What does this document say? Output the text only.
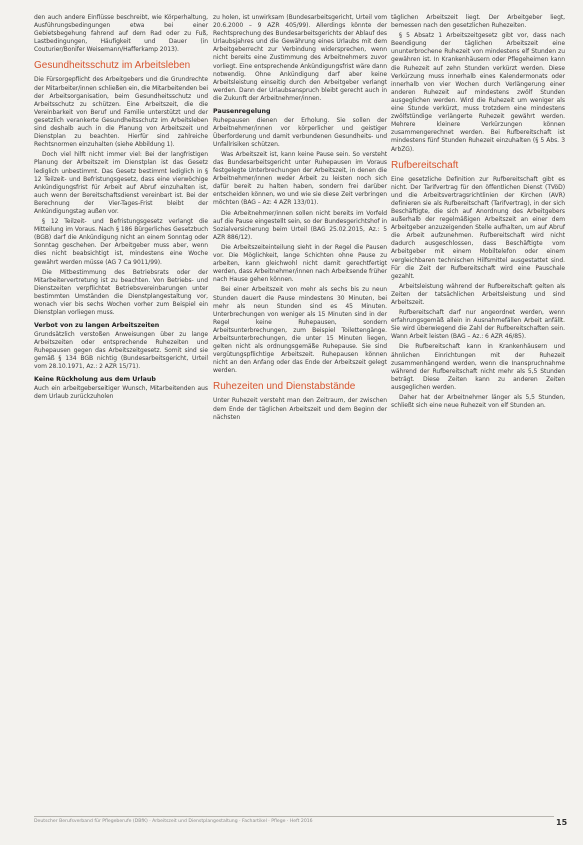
den auch andere Einflüsse beschreibt, wie Körperhaltung, Ausführungsbedingungen etwa bei einer Gebietsbegehung fahrend auf dem Rad oder zu Fuß, Lastbedingungen, Häufigkeit und Dauer (in Couturier/Bonifer Weisemann/Hafferkamp 2013).

Gesundheitsschutz im Arbeitsleben

Die Fürsorgepflicht des Arbeitgebers und die Grundrechte der Mitarbeiter/innen schließen ein, die Mitarbeitenden bei der Arbeitsorganisation, beim Gesundheitsschutz und Arbeitsschutz zu schützen. Eine Arbeitszeit, die die Vereinbarkeit von Beruf und Familie unterstützt und der gesetzlich verankerte Gesundheitsschutz im Arbeitsleben sind deshalb auch in die Planung von Arbeitszeit und Dienstplan zu beachten. Hierfür sind zahlreiche Rechtsnormen einzuhalten (siehe Abbildung 1).

Doch viel hilft nicht immer viel: Bei der langfristigen Planung der Arbeitszeit im Dienstplan ist das Gesetz lediglich unbestimmt. Das Gesetz bestimmt lediglich in § 12 Teilzeit- und Befristungsgesetz, dass eine vierwöchige Ankündigungsfrist für Arbeit auf Abruf einzuhalten ist, auch wenn der Bereitschaftsdienst vereinbart ist. Bei der Berechnung der Vier-Tages-Frist bleibt der Ankündigungstag außen vor.

§ 12 Teilzeit- und Befristungsgesetz verlangt die Mitteilung im Voraus. Nach § 186 Bürgerliches Gesetzbuch (BGB) darf die Ankündigung nicht an einem Sonntag oder Sonntag geschehen. Der Arbeitgeber muss aber, wenn dies nicht beabsichtigt ist, mindestens eine Woche gewährt werden müsse (AG 7 Ca 9011/99).

Die Mitbestimmung des Betriebsrats oder der Mitarbeitervertretung ist zu beachten. Von Betriebs- und Dienstzeiten verpflichtet Betriebsvereinbarungen unter bestimmten Umständen die Dienstplangestaltung vor, wonach vier bis sechs Wochen vorher zum Beispiel ein Dienstplan vorliegen muss.

Verbot von zu langen Arbeitszeiten

Grundsätzlich verstoßen Anweisungen über zu lange Arbeitszeiten oder entsprechende Ruhezeiten und Ruhepausen gegen das Arbeitszeitgesetz. Somit sind sie gemäß § 134 BGB nichtig (Bundesarbeitsgericht, Urteil vom 28.10.1971, Az.: 2 AZR 15/71).

Keine Rückholung aus dem Urlaub

Auch ein arbeitgeberseitiger Wunsch, Mitarbeitenden aus dem Urlaub zurückzuholen

zu holen, ist unwirksam (Bundesarbeitsgericht, Urteil vom 20.6.2000 – 9 AZR 405/99). Allerdings könnte der Rechtsprechung des Bundesarbeitsgerichts der Ablauf des Urlaubsjahres und die Gewährung eines Urlaubs mit dem Arbeitgeberrecht zur Verbindung widersprechen, wenn nicht bereits eine Zustimmung des Arbeitnehmers zuvor vorliegt. Eine entsprechende Ankündigungsfrist wäre dann notwendig. Ohne Ankündigung darf aber keine Arbeitsleistung einseitig durch den Arbeitgeber verlangt werden. Dann der Urlaubsanspruch bleibt gerecht auch in die Zukunft der Arbeitnehmer/innen.

Pausenregelung

Ruhepausen dienen der Erholung. Sie sollen der Arbeitnehmer/innen vor körperlicher und geistiger Überforderung und damit verbundenen Gesundheits- und Unfallrisiken schützen.

Was Arbeitszeit ist, kann keine Pause sein. So versteht das Bundesarbeitsgericht unter Ruhepausen im Voraus festgelegte Unterbrechungen der Arbeitszeit, in denen die Arbeitnehmer/innen weder Arbeit zu leisten noch sich dafür bereit zu halten haben, sondern frei darüber entscheiden können, wo und wie sie diese Zeit verbringen möchten (BAG – Az: 4 AZR 133/01).

Die Arbeitnehmer/innen sollen nicht bereits im Vorfeld auf die Pause eingestellt sein, so der Bundesgerichtshof in Sozialversicherung beim Urteil (BAG 25.02.2015, Az.: 5 AZR 886/12).

Die Arbeitszeiteinteilung sieht in der Regel die Pausen vor. Die Möglichkeit, lange Schichten ohne Pause zu arbeiten, kann gleichwohl nicht damit gerechtfertigt werden, dass Arbeitnehmer/innen nach Arbeitsende früher nach Hause gehen können.

Bei einer Arbeitszeit von mehr als sechs bis zu neun Stunden dauert die Pause mindestens 30 Minuten, bei mehr als neun Stunden sind es 45 Minuten. Unterbrechungen von weniger als 15 Minuten sind in der Regel keine Ruhepausen, sondern Arbeitsunterbrechungen, zum Beispiel Toilettengänge. Arbeitsunterbrechungen, die unter 15 Minuten liegen, gelten nicht als ordnungsgemäße Ruhepause. Sie sind vergütungspflichtige Arbeitszeit. Ruhepausen können nicht an den Anfang oder das Ende der Arbeitszeit gelegt werden.

Ruhezeiten und Dienstabstände

Unter Ruhezeit versteht man den Zeitraum, der zwischen dem Ende der täglichen Arbeitszeit und dem Beginn der nächsten

täglichen Arbeitszeit liegt. Der Arbeitgeber liegt, bemessen nach den gesetzlichen Ruhezeiten.

§ 5 Absatz 1 Arbeitszeitgesetz gibt vor, dass nach Beendigung der täglichen Arbeitszeit eine ununterbrochene Ruhezeit von mindestens elf Stunden zu gewähren ist. In Krankenhäusern oder Pflegeheimen kann die Ruhezeit auf zehn Stunden verkürzt werden. Diese Verkürzung muss innerhalb eines Kalendermonats oder innerhalb von vier Wochen durch Verlängerung einer anderen Ruhezeit auf mindestens zwölf Stunden ausgeglichen werden. Wird die Ruhezeit um weniger als eine Stunde verkürzt, muss trotzdem eine mindestens zwölfstündige verlängerte Ruhezeit gewährt werden. Mehrere kleinere Verkürzungen können zusammengerechnet werden. Bei Rufbereitschaft ist mindestens fünf Stunden Ruhezeit einzuhalten (§ 5 Abs. 3 ArbZG).

Rufbereitschaft

Eine gesetzliche Definition zur Rufbereitschaft gibt es nicht. Der Tarifvertrag für den öffentlichen Dienst (TVöD) und die Arbeitsvertragsrichtlinien der Kirchen (AVR) definieren sie als Rufbereitschaft (Tarifvertrag), in der sich Beschäftigte, die sich auf Anordnung des Arbeitgebers außerhalb der regelmäßigen Arbeitszeit an einer dem Arbeitgeber anzuzeigenden Stelle aufhalten, um auf Abruf die Arbeit aufzunehmen. Rufbereitschaft wird nicht dadurch ausgeschlossen, dass Beschäftigte vom Arbeitgeber mit einem Mobiltelefon oder einem vergleichbaren technischen Hilfsmittel ausgestattet sind. Für die Zeit der Rufbereitschaft wird eine Pauschale gezahlt.

Arbeitsleistung während der Rufbereitschaft gelten als Zeiten der tatsächlichen Arbeitsleistung und sind Arbeitszeit.

Rufbereitschaft darf nur angeordnet werden, wenn erfahrungsgemäß allein in Ausnahmefällen Arbeit anfällt. Sie wird überwiegend die Zahl der Rufbereitschaften sein. Wann Arbeit leisten (BAG – Az.: 6 AZR 46/85).

Die Rufbereitschaft kann in Krankenhäusern und ähnlichen Einrichtungen mit der Ruhezeit zusammenhängend werden, wenn die Inanspruchnahme während der Rufbereitschaft nicht mehr als 5,5 Stunden beträgt. Diese Zeiten kann zu anderen Zeiten ausgeglichen werden.

Daher hat der Arbeitnehmer länger als 5,5 Stunden, schließt sich eine neue Ruhezeit von elf Stunden an.

Deutscher Berufsverband für Pflegeberufe (DBfK) · Arbeitszeit und Dienstplangestaltung · Fachartikel · Pflege · Heft 2016	15
